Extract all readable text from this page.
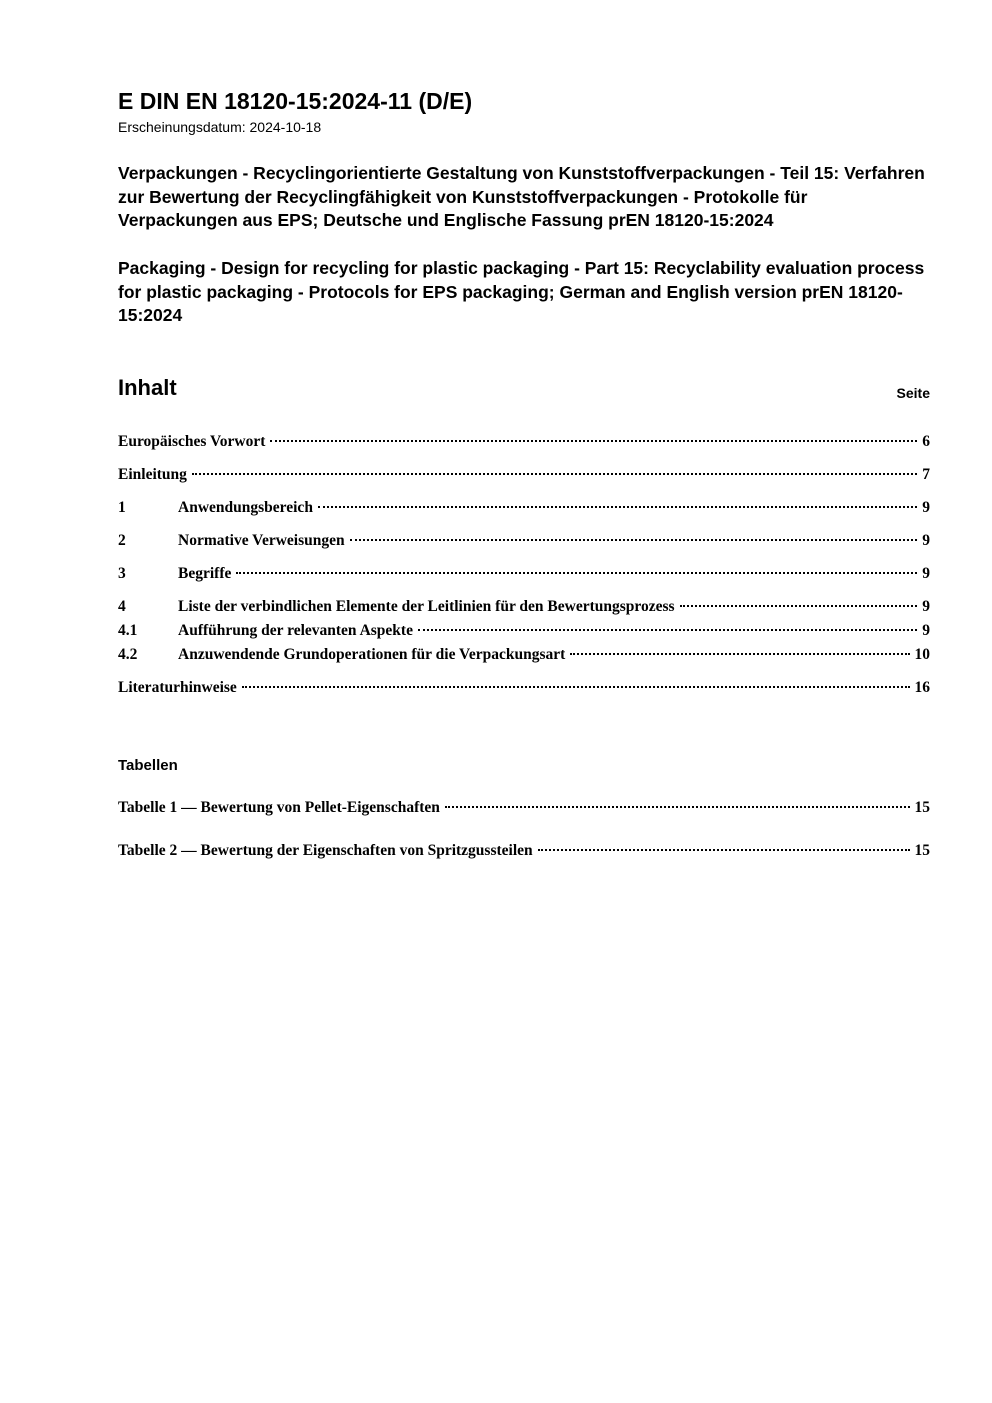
E DIN EN 18120-15:2024-11 (D/E)
Erscheinungsdatum: 2024-10-18
Verpackungen - Recyclingorientierte Gestaltung von Kunststoffverpackungen - Teil 15: Verfahren zur Bewertung der Recyclingfähigkeit von Kunststoffverpackungen - Protokolle für Verpackungen aus EPS; Deutsche und Englische Fassung prEN 18120-15:2024
Packaging - Design for recycling for plastic packaging - Part 15: Recyclability evaluation process for plastic packaging - Protocols for EPS packaging; German and English version prEN 18120-15:2024
Inhalt	Seite
Europäisches Vorwort	6
Einleitung	7
1	Anwendungsbereich	9
2	Normative Verweisungen	9
3	Begriffe	9
4	Liste der verbindlichen Elemente der Leitlinien für den Bewertungsprozess	9
4.1	Aufführung der relevanten Aspekte	9
4.2	Anzuwendende Grundoperationen für die Verpackungsart	10
Literaturhinweise	16
Tabellen
Tabelle 1 — Bewertung von Pellet-Eigenschaften	15
Tabelle 2 — Bewertung der Eigenschaften von Spritzgussteilen	15
